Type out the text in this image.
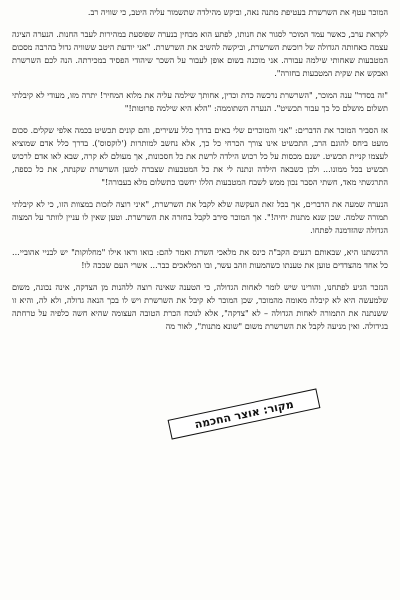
המוכר עטף את השרשרת בעטיפת מתנה נאה, וביקש מהילדה שתשמור עליה היטב, כי שוויה רב.

לקראת ערב, כאשר עמד המוכר לסגור את חנותו, לפתע הוא מבחין בנערה שפוסעת במהירות לעבר החנות. הנערה הציגה עצמה כאחותה הגדולה של רוכשת השרשרת, וביקשה להשיב את השרשרת. "אני יודעת היטב ששוויה גדול בהרבה מסכום המטבעות שאחותי שילמה עבורה. אני מוכנה בשום אופן לעבור על השכר שיהודי הפסיד במכירתה. הנה לכם השרשרת ואבקש את שקית המטבעות בחזרה".

"זה בסדר" ענה המוכר, "השרשרת נרכשה כדת וכדין, אחותך שילמה עליה את מלוא המחיר! יתרה מזו, מעודי לא קיבלתי תשלום מושלם כל כך עבור תכשיט". הנערה השתוממה: "הלא היא שילמה פרוטות!"

אז הסביר המוכר את הדברים: "אני והמוכרים שלי באים בדרך כלל עשירים, והם קונים תכשיט בכמה אלפי שקלים. סכום מועט ביחס להונם הרב, התכשיט אינו צורך הכרחי כל כך, אלא נחשב למותרות ('לוקסוס'). בדרך כלל אדם שמוציא לעצמו קניית תכשיט. ישנם מכסות על כל רכוש הילדה לרשת את כל חסכונות, אך מעולם לא קרה, שבא לאו אדם לרכוש תכשיט בכל ממונו... ולכן כשבאה הילדה ונתנה לי את כל המטבעות שצברה למען השרשרת שקנתה, את כל כספה, התרגשתי מאד, חשתי הסבר נכון ממש לשבח המטבעות הללו יחשבו כתשלום מלא בעבורה!"

הנערה שמעה את הדברים, אך בכל זאת העקשה שלא לקבל את השרשרת, "איני רוצה לזכות במצוות הזו, כי לא קיבלתי תמורה שלמה. שכן שנא מתנות יחיה!". אך המוכר סירב לקבל בחזרה את השרשרת. וטען שאין לו עניין לוותר על המצוה הגדולה שהזדמנה לפתחו.

הרגשתנו היא, שבאותם רגעים הקב"ה כינס את מלאכי השרת ואמר להם: בואו וראו אילו "מחלוקות" יש לבניי אהוביי... כל אחד מהצדדים טוען את טענתו כשהמעות וזהב עשר, ובו המלאכים כבר... אשרי העם שככה לו!

הנזכר הגיע לפתחנו, והורינו שיש לומר לאחות הגדולה, כי הטענה שאינה רוצה ללהנות מן הצדקה, אינה נכונה, משום שלמעשה היא לא קיבלה מאומה מהמוכר, שכן המוכר לא קיבל את השרשרת ויש לו בכך הנאה גדולה, ולא לה, והיא זו ששנתנה את התמורה לאחות הגדולה – לא "צדקה", אלא לנוכח הכרת הטובה העצומה שהיא חשה כלפיה על טרחתה בגידולה. ואין מניעה לקבל את השרשרת משום "שונא מתנות", לאור מה

מקור: אוצר החכמה
